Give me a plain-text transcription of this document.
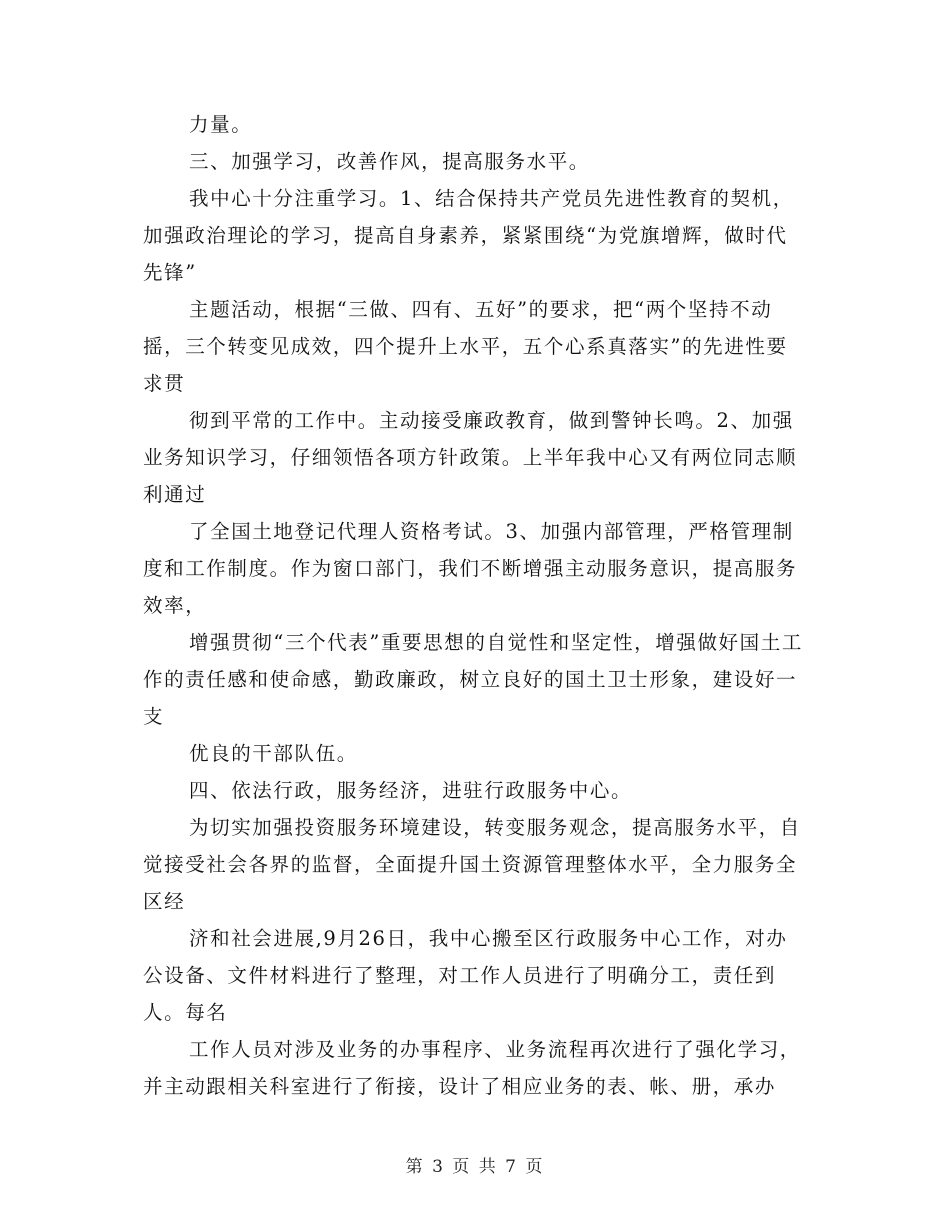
力量。

三、加强学习，改善作风，提高服务水平。

我中心十分注重学习。1、结合保持共产党员先进性教育的契机，加强政治理论的学习，提高自身素养，紧紧围绕“为党旗增辉，做时代先锋”

主题活动，根据“三做、四有、五好”的要求，把“两个坚持不动摇，三个转变见成效，四个提升上水平，五个心系真落实”的先进性要求贯

彻到平常的工作中。主动接受廉政教育，做到警钟长鸣。2、加强业务知识学习，仔细领悟各项方针政策。上半年我中心又有两位同志顺利通过

了全国土地登记代理人资格考试。3、加强内部管理，严格管理制度和工作制度。作为窗口部门，我们不断增强主动服务意识，提高服务效率，

增强贯彻“三个代表”重要思想的自觉性和坚定性，增强做好国土工作的责任感和使命感，勤政廉政，树立良好的国土卫士形象，建设好一支

优良的干部队伍。

四、依法行政，服务经济，进驻行政服务中心。

为切实加强投资服务环境建设，转变服务观念，提高服务水平，自觉接受社会各界的监督，全面提升国土资源管理整体水平，全力服务全区经

济和社会进展,9月26日，我中心搬至区行政服务中心工作，对办公设备、文件材料进行了整理，对工作人员进行了明确分工，责任到人。每名

工作人员对涉及业务的办事程序、业务流程再次进行了强化学习，并主动跟相关科室进行了衔接，设计了相应业务的表、帐、册，承办

第 3 页 共 7 页
